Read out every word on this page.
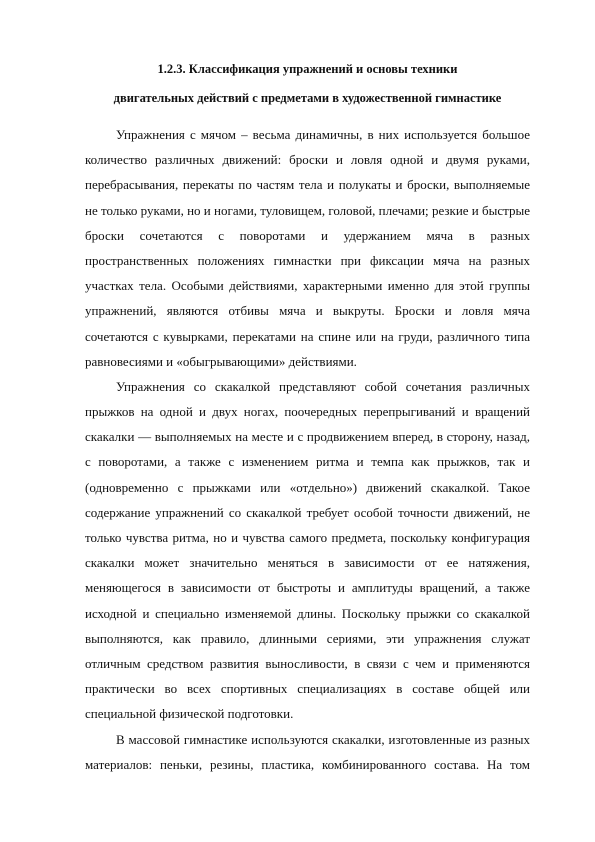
1.2.3. Классификация упражнений и основы техники
двигательных действий с предметами в художественной гимнастике

Упражнения с мячом – весьма динамичны, в них используется большое

количество различных движений: броски и ловля одной и двумя руками,

перебрасывания, перекаты по частям тела и полукаты и броски, выполняемые

не только руками, но и ногами, туловищем, головой, плечами; резкие и быстрые

броски сочетаются с поворотами и удержанием мяча в разных

пространственных положениях гимнастки при фиксации мяча на разных

участках тела. Особыми действиями, характерными именно для этой группы

упражнений, являются отбивы мяча и выкруты. Броски и ловля мяча

сочетаются с кувырками, перекатами на спине или на груди, различного типа

равновесиями и «обыгрывающими» действиями.

Упражнения со скакалкой представляют собой сочетания различных

прыжков на одной и двух ногах, поочередных перепрыгиваний и вращений

скакалки — выполняемых на месте и с продвижением вперед, в сторону, назад,

с поворотами, а также с изменением ритма и темпа как прыжков, так и

(одновременно с прыжками или «отдельно») движений скакалкой. Такое

содержание упражнений со скакалкой требует особой точности движений, не

только чувства ритма, но и чувства самого предмета, поскольку конфигурация

скакалки может значительно меняться в зависимости от ее натяжения,

меняющегося в зависимости от быстроты и амплитуды вращений, а также

исходной и специально изменяемой длины. Поскольку прыжки со скакалкой

выполняются, как правило, длинными сериями, эти упражнения служат

отличным средством развития выносливости, в связи с чем и применяются

практически во всех спортивных специализациях в составе общей или

специальной физической подготовки.

В массовой гимнастике используются скакалки, изготовленные из разных

материалов: пеньки, резины, пластика, комбинированного состава. На том
